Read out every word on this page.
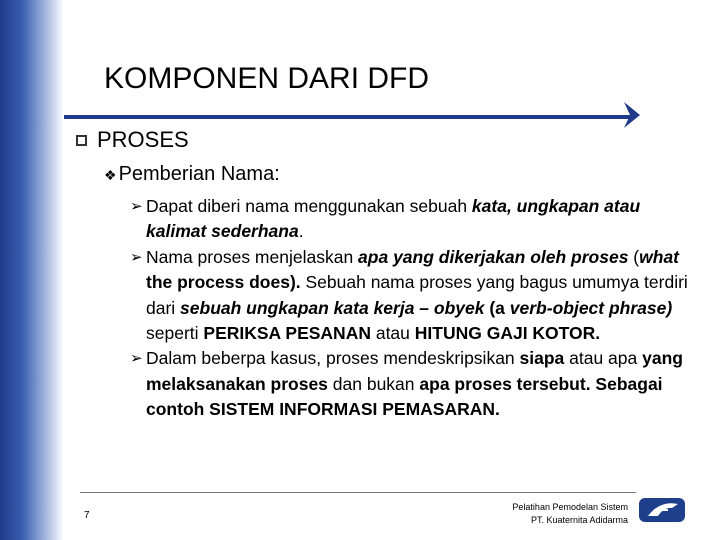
KOMPONEN DARI DFD
PROSES
❖ Pemberian Nama:
➢ Dapat diberi nama menggunakan sebuah kata, ungkapan atau kalimat sederhana.
➢ Nama proses menjelaskan apa yang dikerjakan oleh proses (what the process does). Sebuah nama proses yang bagus umumya terdiri dari sebuah ungkapan kata kerja – obyek (a verb-object phrase) seperti PERIKSA PESANAN atau HITUNG GAJI KOTOR.
➢ Dalam beberpa kasus, proses mendeskripsikan siapa atau apa yang melaksanakan proses dan bukan apa proses tersebut. Sebagai contoh SISTEM INFORMASI PEMASARAN.
7
Pelatihan Pemodelan Sistem
PT. Kuaternita Adidarma
